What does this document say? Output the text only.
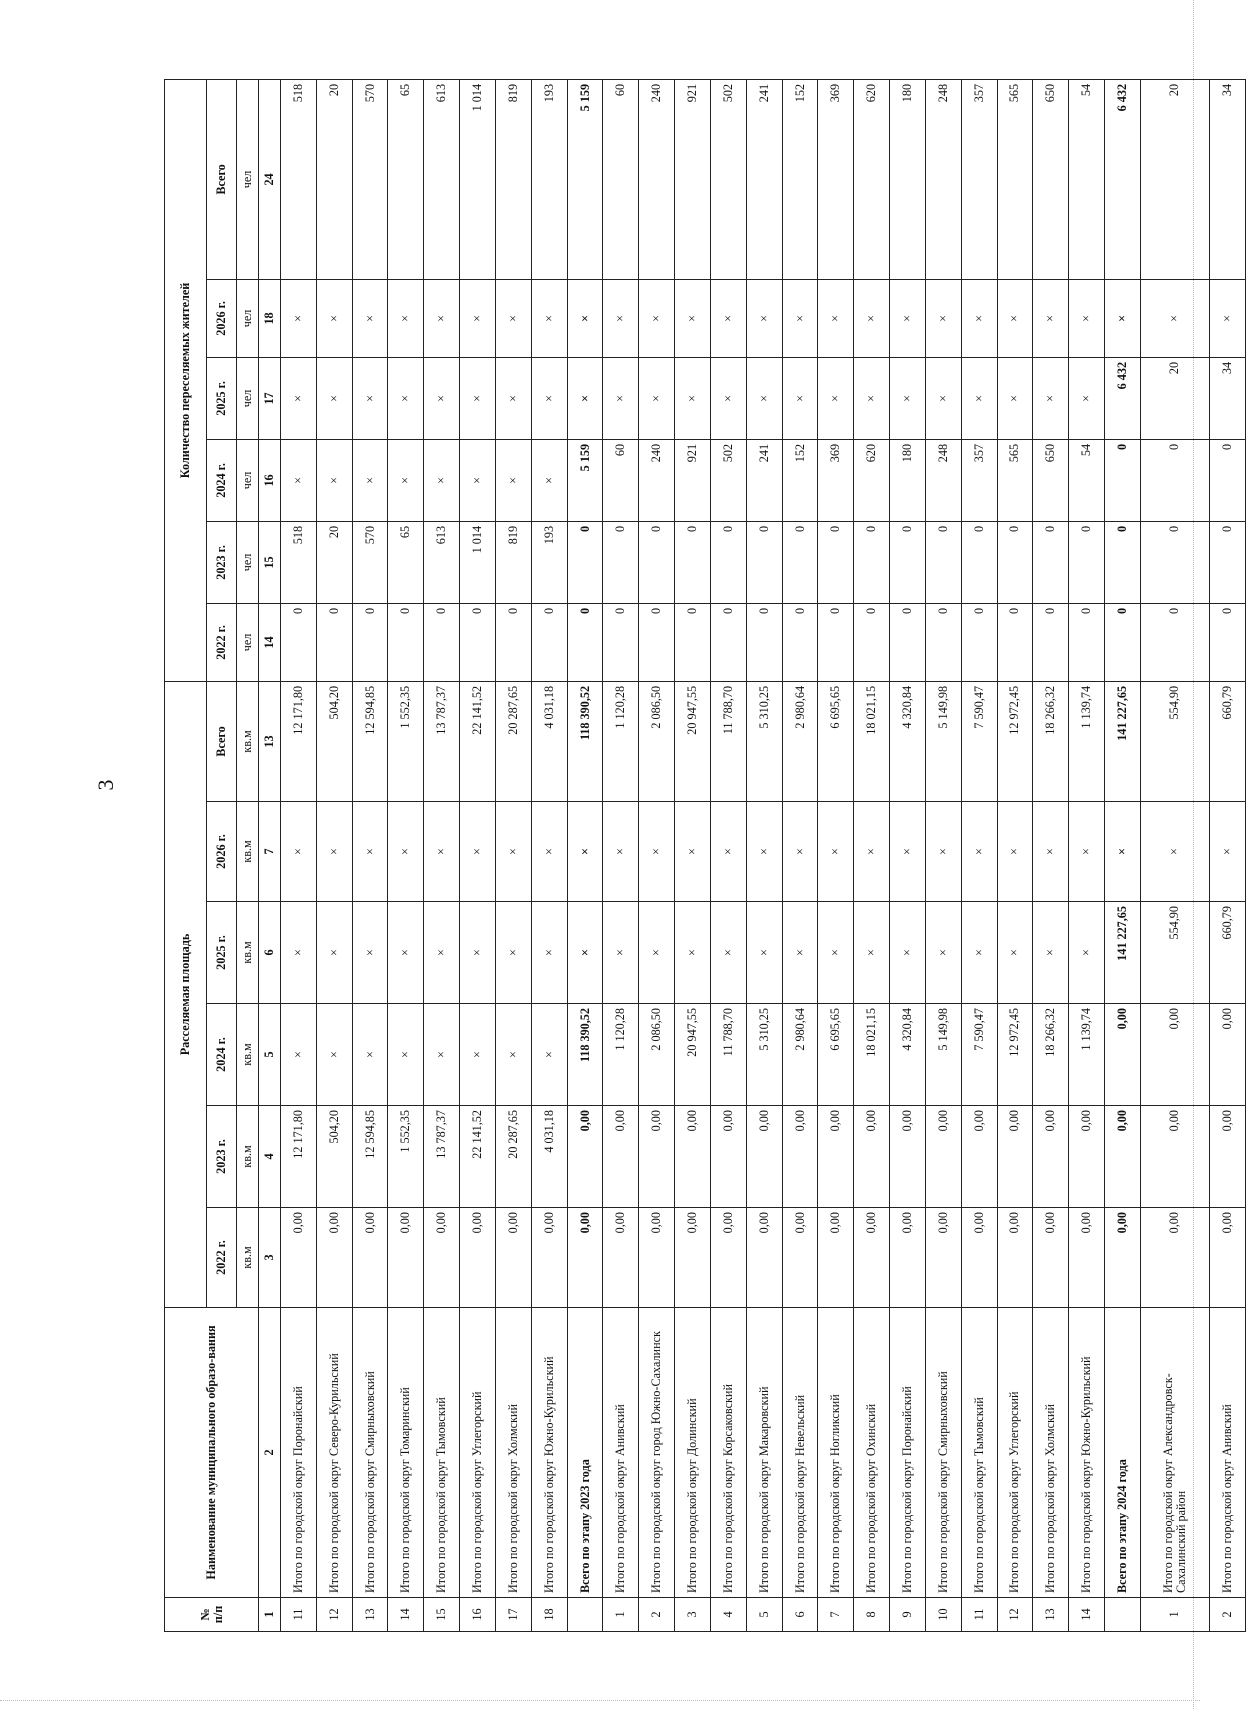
3
№ п/п	Наименование муниципального образо-вания	Расселяемая площадь						Количество переселяемых жителей					
		2022 г.	2023 г.	2024 г.	2025 г.	2026 г.	Всего	2022 г.	2023 г.	2024 г.	2025 г.	2026 г.	Всего
		кв.м	кв.м	кв.м	кв.м	кв.м	кв.м	чел	чел	чел	чел	чел	чел
1	2	3	4	5	6	7	13	14	15	16	17	18	24
11	Итого по городской округ Поронайский	0,00	12 171,80	×	×	×	12 171,80	0	518	×	×	×	518
12	Итого по городской округ Северо-Курильский	0,00	504,20	×	×	×	504,20	0	20	×	×	×	20
13	Итого по городской округ Смирныховский	0,00	12 594,85	×	×	×	12 594,85	0	570	×	×	×	570
14	Итого по городской округ Томаринский	0,00	1 552,35	×	×	×	1 552,35	0	65	×	×	×	65
15	Итого по городской округ Тымовский	0,00	13 787,37	×	×	×	13 787,37	0	613	×	×	×	613
16	Итого по городской округ Углегорский	0,00	22 141,52	×	×	×	22 141,52	0	1 014	×	×	×	1 014
17	Итого по городской округ Холмский	0,00	20 287,65	×	×	×	20 287,65	0	819	×	×	×	819
18	Итого по городской округ Южно-Курильский	0,00	4 031,18	×	×	×	4 031,18	0	193	×	×	×	193
	Всего по этапу 2023 года	0,00	0,00	118 390,52	×	×	118 390,52	0	0	5 159	×	×	5 159
1	Итого по городской округ Анивский	0,00	0,00	1 120,28	×	×	1 120,28	0	0	60	×	×	60
2	Итого по городской округ город Южно-Сахалинск	0,00	0,00	2 086,50	×	×	2 086,50	0	0	240	×	×	240
3	Итого по городской округ Долинский	0,00	0,00	20 947,55	×	×	20 947,55	0	0	921	×	×	921
4	Итого по городской округ Корсаковский	0,00	0,00	11 788,70	×	×	11 788,70	0	0	502	×	×	502
5	Итого по городской округ Макаровский	0,00	0,00	5 310,25	×	×	5 310,25	0	0	241	×	×	241
6	Итого по городской округ Невельский	0,00	0,00	2 980,64	×	×	2 980,64	0	0	152	×	×	152
7	Итого по городской округ Ногликский	0,00	0,00	6 695,65	×	×	6 695,65	0	0	369	×	×	369
8	Итого по городской округ Охинский	0,00	0,00	18 021,15	×	×	18 021,15	0	0	620	×	×	620
9	Итого по городской округ Поронайский	0,00	0,00	4 320,84	×	×	4 320,84	0	0	180	×	×	180
10	Итого по городской округ Смирныховский	0,00	0,00	5 149,98	×	×	5 149,98	0	0	248	×	×	248
11	Итого по городской округ Тымовский	0,00	0,00	7 590,47	×	×	7 590,47	0	0	357	×	×	357
12	Итого по городской округ Углегорский	0,00	0,00	12 972,45	×	×	12 972,45	0	0	565	×	×	565
13	Итого по городской округ Холмский	0,00	0,00	18 266,32	×	×	18 266,32	0	0	650	×	×	650
14	Итого по городской округ Южно-Курильский	0,00	0,00	1 139,74	×	×	1 139,74	0	0	54	×	×	54
	Всего по этапу 2024 года	0,00	0,00	0,00	141 227,65	×	141 227,65	0	0	0	6 432	×	6 432
1	Итого по городской округ Александровск-Сахалинский район	0,00	0,00	0,00	554,90	×	554,90	0	0	0	20	×	20
2	Итого по городской округ Анивский	0,00	0,00	0,00	660,79	×	660,79	0	0	0	34	×	34
